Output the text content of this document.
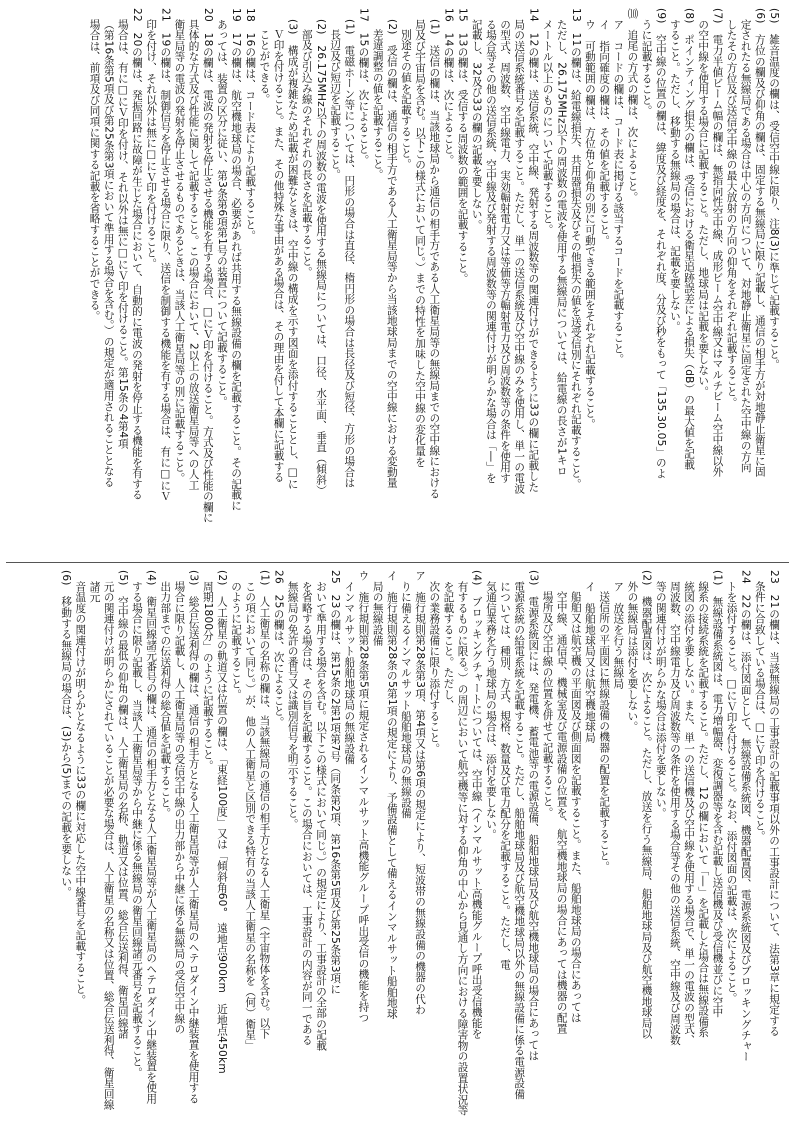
(5)　雑音温度の欄は、受信空中線に限り、注8(3)に準じて記載すること。
(6)　方位の欄及び仰角の欄は、固定する無線局に限り記載し、通信の相手方が対地静止衛星に固
定されたる無線局である場合は中心の方向について、対地静止衛星に固定された空中線の方向
したその方位及び送信空中線の最大放射の方向の仰角をそれぞれ記載すること。
(7)　電力半値ビーム幅の欄は、無指向性空中線、成形ビーム空中線又はマルチビーム空中線以外
の空中線を使用する場合に記載すること。ただし、地球局は記載を要しない。
(8)　ポインティング損失の欄は、受信における衛星追跡誤差による損失（dB）の最大値を記載
すること。ただし、移動する無線局の場合は、記載を要しない。
(9)　空中線の位置の欄は、緯度及び経度を、それぞれ度、分及び秒をもって「135.30.05」のよ
うに記載すること。
⑽　追尾の方式の欄は、次によること。
ア　コードの欄は、コード表に掲げる該当するコードを記載すること。
イ　指向確度の欄は、その値を記載すること。
ウ　可動範囲の欄は、方位角と仰角の別に可動できる範囲をそれぞれ記載すること。
13　11の欄は、給電線損失、共用器損失及びその他損失の値を送受信別にそれぞれ記載すること。
ただし、26.175MHz以下の周波数の電波を使用する無線局については、給電線の長さが1キロ
メートル以上のものについて記載すること。
14　12の欄は、送信系統、空中線、発射する周波数等の関連付けができるように33の欄に記載した
局の送信系統番号を記載すること。ただし、単一の送信系統及び空中線のみを使用し、単一の電波
の型式、周波数、空中線電力、実効輻射電力又は等価等方輻射電力及び周波数等の条件を使用す
る場合等その他の送信系統、空中線及び発射する周波数等の関連付けが明らかな場合は「―」を
記載し、32及び33の欄の記載を要しない。
15　13の欄は、受信する周波数の範囲を記載すること。
16　14の欄は、次によること。
(1)　送信の欄は、当該地球局から通信の相手方である人工衛星局等の無線局までの空中線における
局及び宇宙局を含む。以下この様式において同じ。）までの特性を加味した空中線の変化量を
別途その値を記載すること。
(2)　受信の欄は、通信の相手方である人工衛星局等から当該地球局までの空中線における変動量
差違調整の値を記載すること。
17　15の欄は、次によること。
(1)　電磁ホーン等については、円形の場合は直径、楕円形の場合は長径及び短径、方形の場合は
長辺及び短辺を記載すること。
(2)　26.175MHz以下の周波数の電波を使用する無線局については、口径、水平面、垂直（傾斜）
部及び引込み線のそれぞれの長さを記載すること。
(3)　構成が複雑なため記載が困難なときは、空中線の構成を示す図面を添付することとし、□に
Ｖ印を付けること。また、その他特殊な事由がある場合は、その理由を付して本欄に記載する
ことができる。
18　16の欄は、コード表により記載すること。
19　17の欄は、航空機地球局の場合、必要があれば共用する無線設備の欄を記載すること。その記載に
あっては、装置の区分に従い、第3条第6項第1号の装置について記載すること。
20　18の欄は、電波の発射を停止させる機能を有する場合、□にＶ印を付けること。方式及び性能の欄に
具体的な方式及び性能に関して記載すること。この場合において、2以上の放送衛星局等への人工
衛星局等の電波の発射を停止させるものであるときは、当該人工衛星局等の別に記載すること。
21　19の欄は、制御信号を停止させる場合に限り、送信を制御する機能を有する場合は、有に□にＶ
印を付け、それ以外は無に□にＶ印を付けること。
22　20の欄は、発振回路に故障が生じた場合において、自動的に電波の発射を停止する機能を有する
場合は、有に□にＶ印を付け、それ以外は無に□にＶ印を付けること。第15条の4第4項
（第16条第5項及び第25条第3項において準用する場合を含む。）の規定が適用されることとなる
場合は、前項及び同項に関する記載を省略することができる。
23　21の欄は、当該無線局の工事設計の記載事項以外の工事設計について、法第3章に規定する
条件に合致している場合は、□にＶ印を付けること。
24　22の欄は、添付図面として、無線設備系統図、機器配置図、電源系統図及びブロッキングチャー
トを添付すること。□にＶ印を付けること。なお、添付図面の記載は、次によること。
(1)　無線設備系統図は、電力増幅器、変復調器等を含む記載し送信機及び受信機並びに空中
線系の接続系統を記載すること。ただし、12の欄において「―」を記載した場合は無線設備系
統図の添付を要しない。また、単一の送信機及び空中線を使用する場合で、単一の電波の型式、
周波数、空中線電力及び周波数等の条件を使用する場合等その他の送信系統、空中線及び周波数
等の関連付けが明らかな場合は添付を要しない。
(2)　機器配置図は、次によること。ただし、放送を行う無線局、船舶地球局及び航空機地球局以
外の無線局は添付を要しない。
ア　放送を行う無線局
送信所の平面図に無線設備の機器の配置を記載すること。
イ　船舶地球局又は航空機地球局
船舶又は航空機の平面図及び側面図を記載すること。また、船舶地球局の場合にあっては
空中線、通信卓、機械室及び電源設備の位置を、航空機地球局の場合にあっては機器の配置
場所及び空中線の位置を併せて記載すること。
(3)　電源系統図には、発電機、蓄電池等の電源設備、船舶地球局及び航空機地球局の場合にあっては
電源系統の給電系統を記載すること。ただし、船舶地球局及び航空機地球局以外の無線設備に係る電源設備
については、種別、方式、規格、数量及び電力配分を記載すること。ただし、電
気通信業務を行う地球局の場合は、添付を要しない。
(4)　ブロッキングチャートについては、空中線（インマルサット高機能グループ呼出受信機能を
有するものに限る。）の周辺において航空機等に対する仰角の中心から見通し方向における障害物の設置状況等を記載すること。ただし、
次の業務設備に限り添付すること。
ア　施行規則第28条第3項、第4項又は第6項の規定により、短波帯の無線設備の機器の代わ
りに備えるインマルサット船舶地球局の無線設備
イ　施行規則第28条の5第1項の規定により、予備設備として備えるインマルサット船舶地球
局の無線設備
ウ　施行規則第28条第5項に規定されるインマルサット高機能グループ呼出受信の機能を持つ
インマルサット船舶地球局の無線設備
25　23の欄は、第15条の2第1項第7号（同条第2項、第16条第5項及び第25条第3項に
おいて準用する場合を含む。以下この様式において同じ。）の規定により、工事設計の全部の記載
を省略する場合は、その旨を記載すること。この場合においては、工事設計の内容が同一である
無線局の免許の番号又は識別信号を明示すること。
26　25の欄は、次によること。
(1)　人工衛星の名称の欄は、当該無線局の通信の相手方となる人工衛星（宇宙物体を含む。以下
この項において同じ。）が、他の人工衛星と区別できる特有の当該人工衛星の名称を（何）衛星」
のように記載すること。
(2)　人工衛星の軌道又は位置の欄は、「東経100度」又は「傾斜角60°　遠地点900km　近地点450km
周期1800分」のように記載すること。
(3)　総合伝送利得の欄は、通信の相手方となる人工衛星局等が人工衛星局のヘテロダイン中継装置を使用する
場合に限り記載し、人工衛星局等の受信空中線の出力部から中継に係る無線局の受信空中線の
出力部までの伝送利得の総合値を記載すること。
(4)　衛星回線諸元番号の欄は、通信の相手方となる人工衛星局等が人工衛星局のヘテロダイン中継装置を使用
する場合に限り記載し、当該人工衛星局等から中継に係る無線局の衛星回線諸元番号を記載すること。
(5)　空中線の最低の仰角の欄は、人工衛星局の名称、軌道又は位置、総合伝送利得、衛星回線諸
元の関連付けが明らかにされていることが必要な場合は、人工衛星の名称又は位置、総合伝送利得、衛星回線諸元
音温度の関連付けが明らかとなるように33の欄に対応した空中線番号を記載すること。
(6)　移動する無線局の場合は、(3)から(5)までの記載を要しない。
